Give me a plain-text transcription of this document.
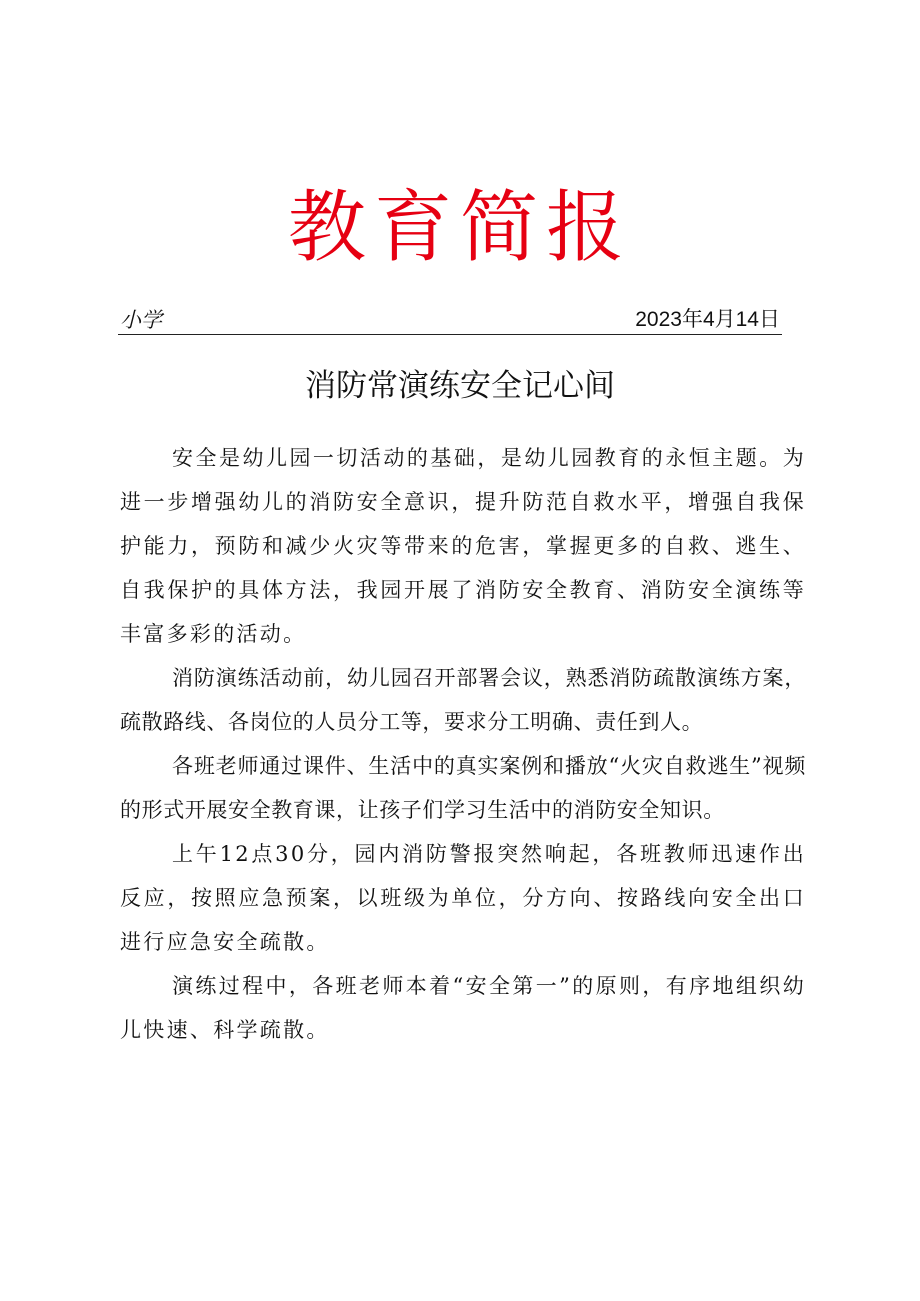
教育简报
小学	2023年4月14日
消防常演练安全记心间

安全是幼儿园一切活动的基础，是幼儿园教育的永恒主题。为进一步增强幼儿的消防安全意识，提升防范自救水平，增强自我保护能力，预防和减少火灾等带来的危害，掌握更多的自救、逃生、自我保护的具体方法，我园开展了消防安全教育、消防安全演练等丰富多彩的活动。

消防演练活动前，幼儿园召开部署会议，熟悉消防疏散演练方案，疏散路线、各岗位的人员分工等，要求分工明确、责任到人。

各班老师通过课件、生活中的真实案例和播放“火灾自救逃生”视频的形式开展安全教育课，让孩子们学习生活中的消防安全知识。

上午12点30分，园内消防警报突然响起，各班教师迅速作出反应，按照应急预案，以班级为单位，分方向、按路线向安全出口进行应急安全疏散。

演练过程中，各班老师本着“安全第一”的原则，有序地组织幼儿快速、科学疏散。
